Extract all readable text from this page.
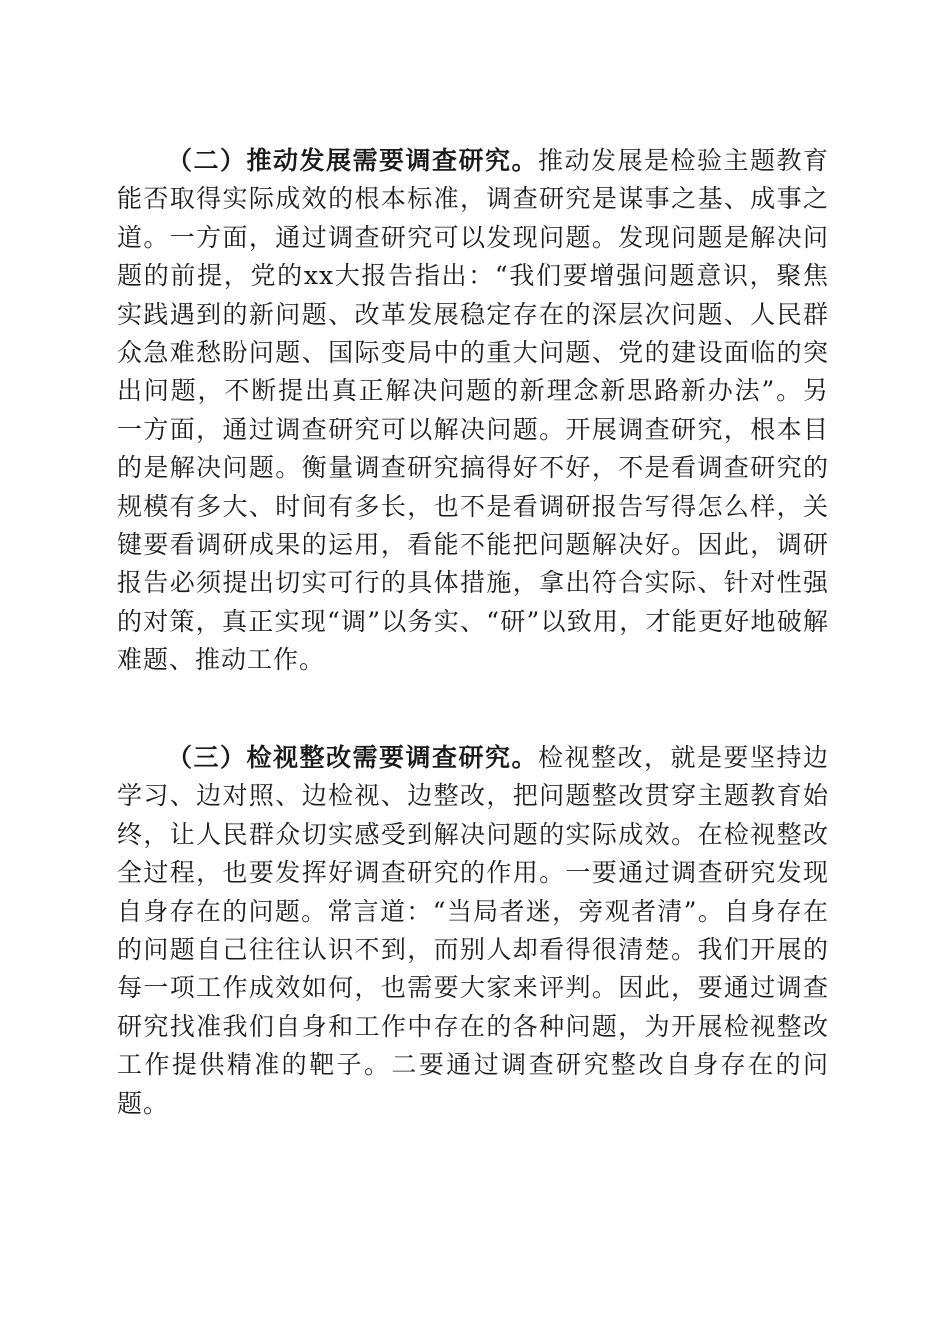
（二）推动发展需要调查研究。推动发展是检验主题教育能否取得实际成效的根本标准，调查研究是谋事之基、成事之道。一方面，通过调查研究可以发现问题。发现问题是解决问题的前提，党的xx大报告指出：“我们要增强问题意识，聚焦实践遇到的新问题、改革发展稳定存在的深层次问题、人民群众急难愁盼问题、国际变局中的重大问题、党的建设面临的突出问题，不断提出真正解决问题的新理念新思路新办法”。另一方面，通过调查研究可以解决问题。开展调查研究，根本目的是解决问题。衡量调查研究搞得好不好，不是看调查研究的规模有多大、时间有多长，也不是看调研报告写得怎么样，关键要看调研成果的运用，看能不能把问题解决好。因此，调研报告必须提出切实可行的具体措施，拿出符合实际、针对性强的对策，真正实现“调”以务实、“研”以致用，才能更好地破解难题、推动工作。

（三）检视整改需要调查研究。检视整改，就是要坚持边学习、边对照、边检视、边整改，把问题整改贯穿主题教育始终，让人民群众切实感受到解决问题的实际成效。在检视整改全过程，也要发挥好调查研究的作用。一要通过调查研究发现自身存在的问题。常言道：“当局者迷，旁观者清”。自身存在的问题自己往往认识不到，而别人却看得很清楚。我们开展的每一项工作成效如何，也需要大家来评判。因此，要通过调查研究找准我们自身和工作中存在的各种问题，为开展检视整改工作提供精准的靶子。二要通过调查研究整改自身存在的问题。
